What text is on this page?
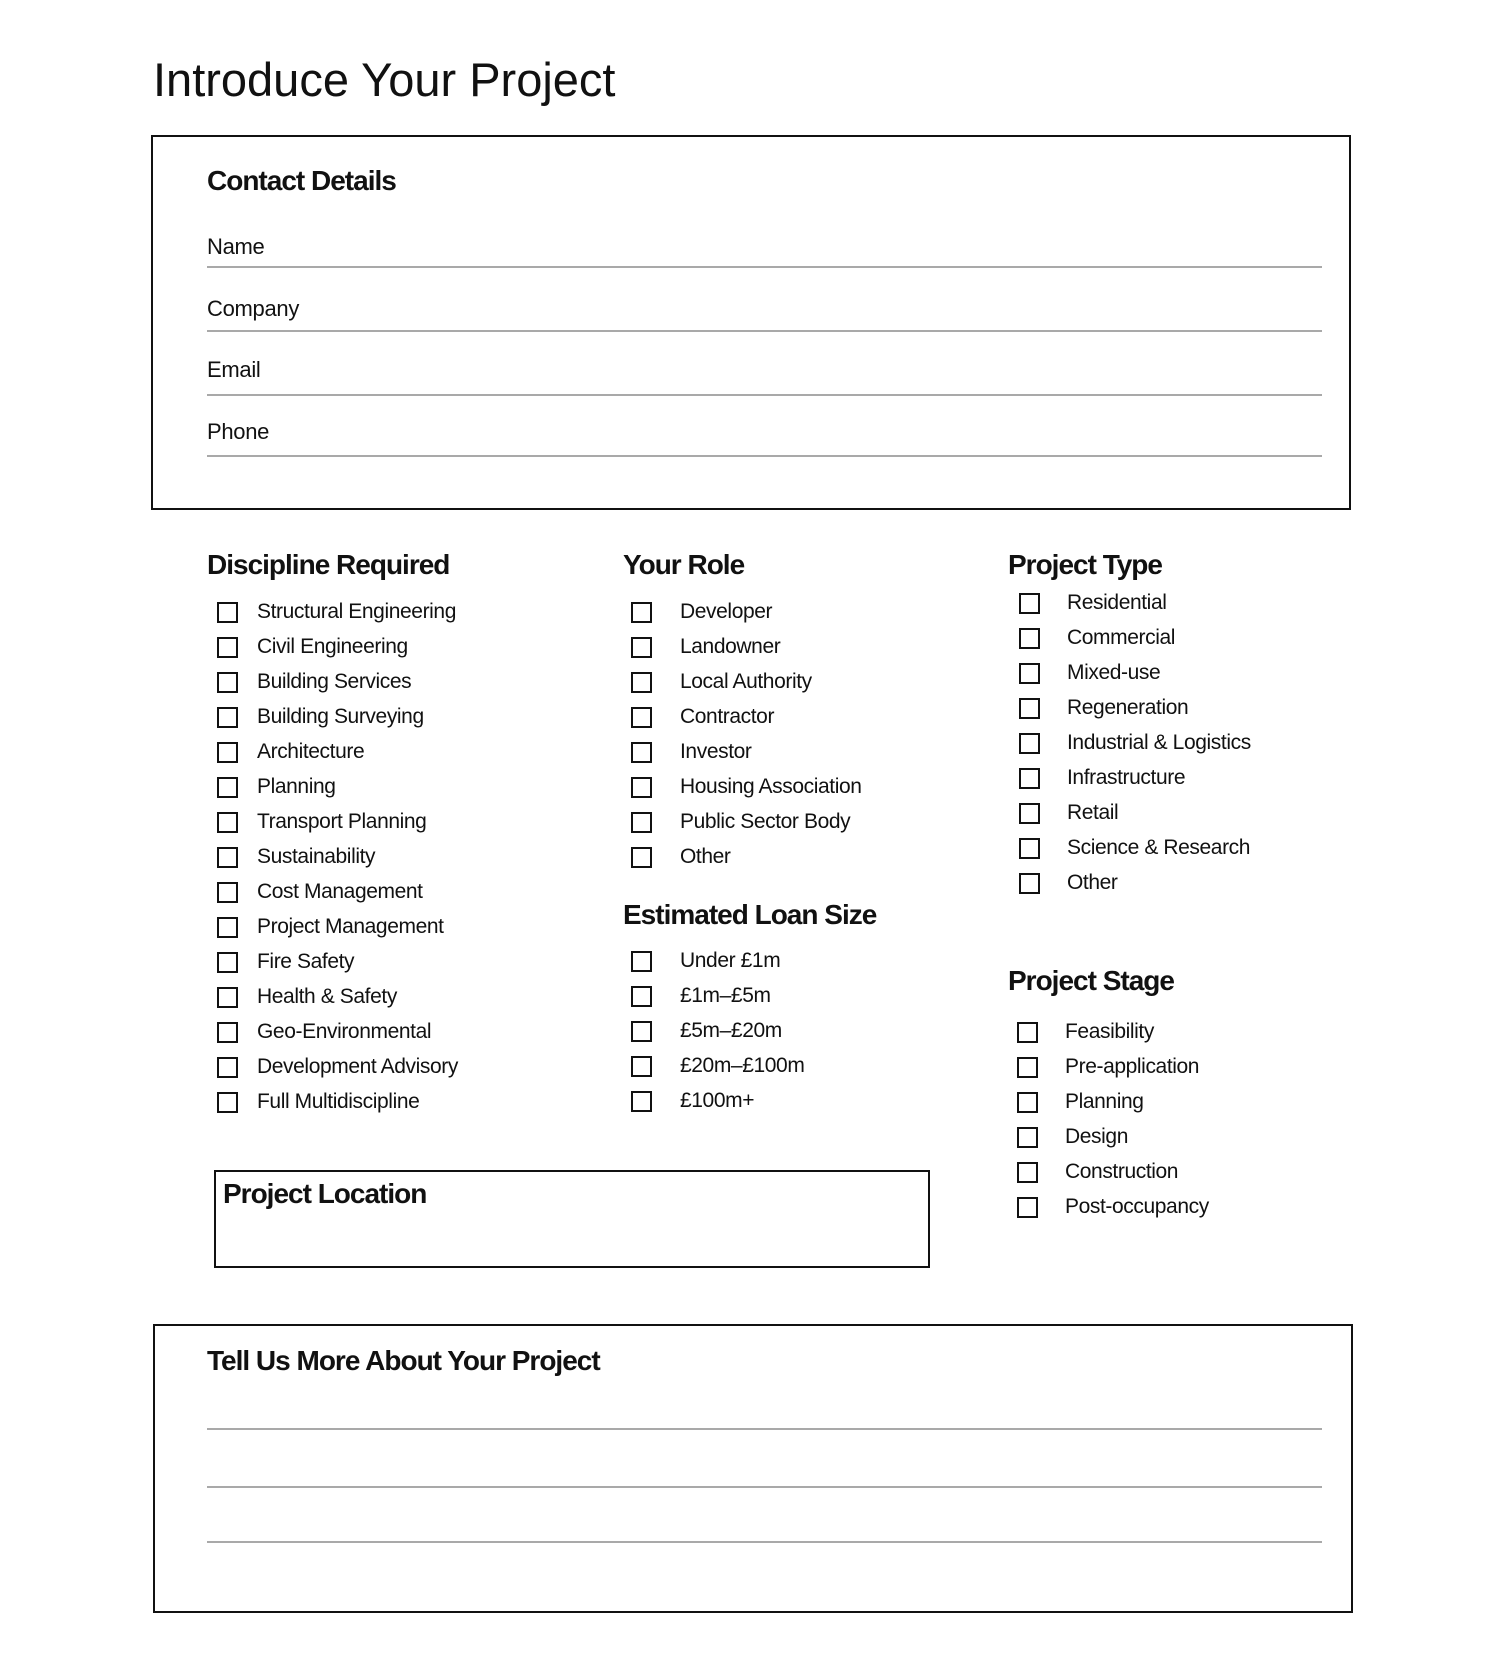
Introduce Your Project
Contact Details
Name
Company
Email
Phone
Discipline Required
Structural Engineering
Civil Engineering
Building Services
Building Surveying
Architecture
Planning
Transport Planning
Sustainability
Cost Management
Project Management
Fire Safety
Health & Safety
Geo-Environmental
Development Advisory
Full Multidiscipline
Your Role
Developer
Landowner
Local Authority
Contractor
Investor
Housing Association
Public Sector Body
Other
Estimated Loan Size
Under £1m
£1m–£5m
£5m–£20m
£20m–£100m
£100m+
Project Type
Residential
Commercial
Mixed-use
Regeneration
Industrial & Logistics
Infrastructure
Retail
Science & Research
Other
Project Stage
Feasibility
Pre-application
Planning
Design
Construction
Post-occupancy
Project Location
Tell Us More About Your Project
